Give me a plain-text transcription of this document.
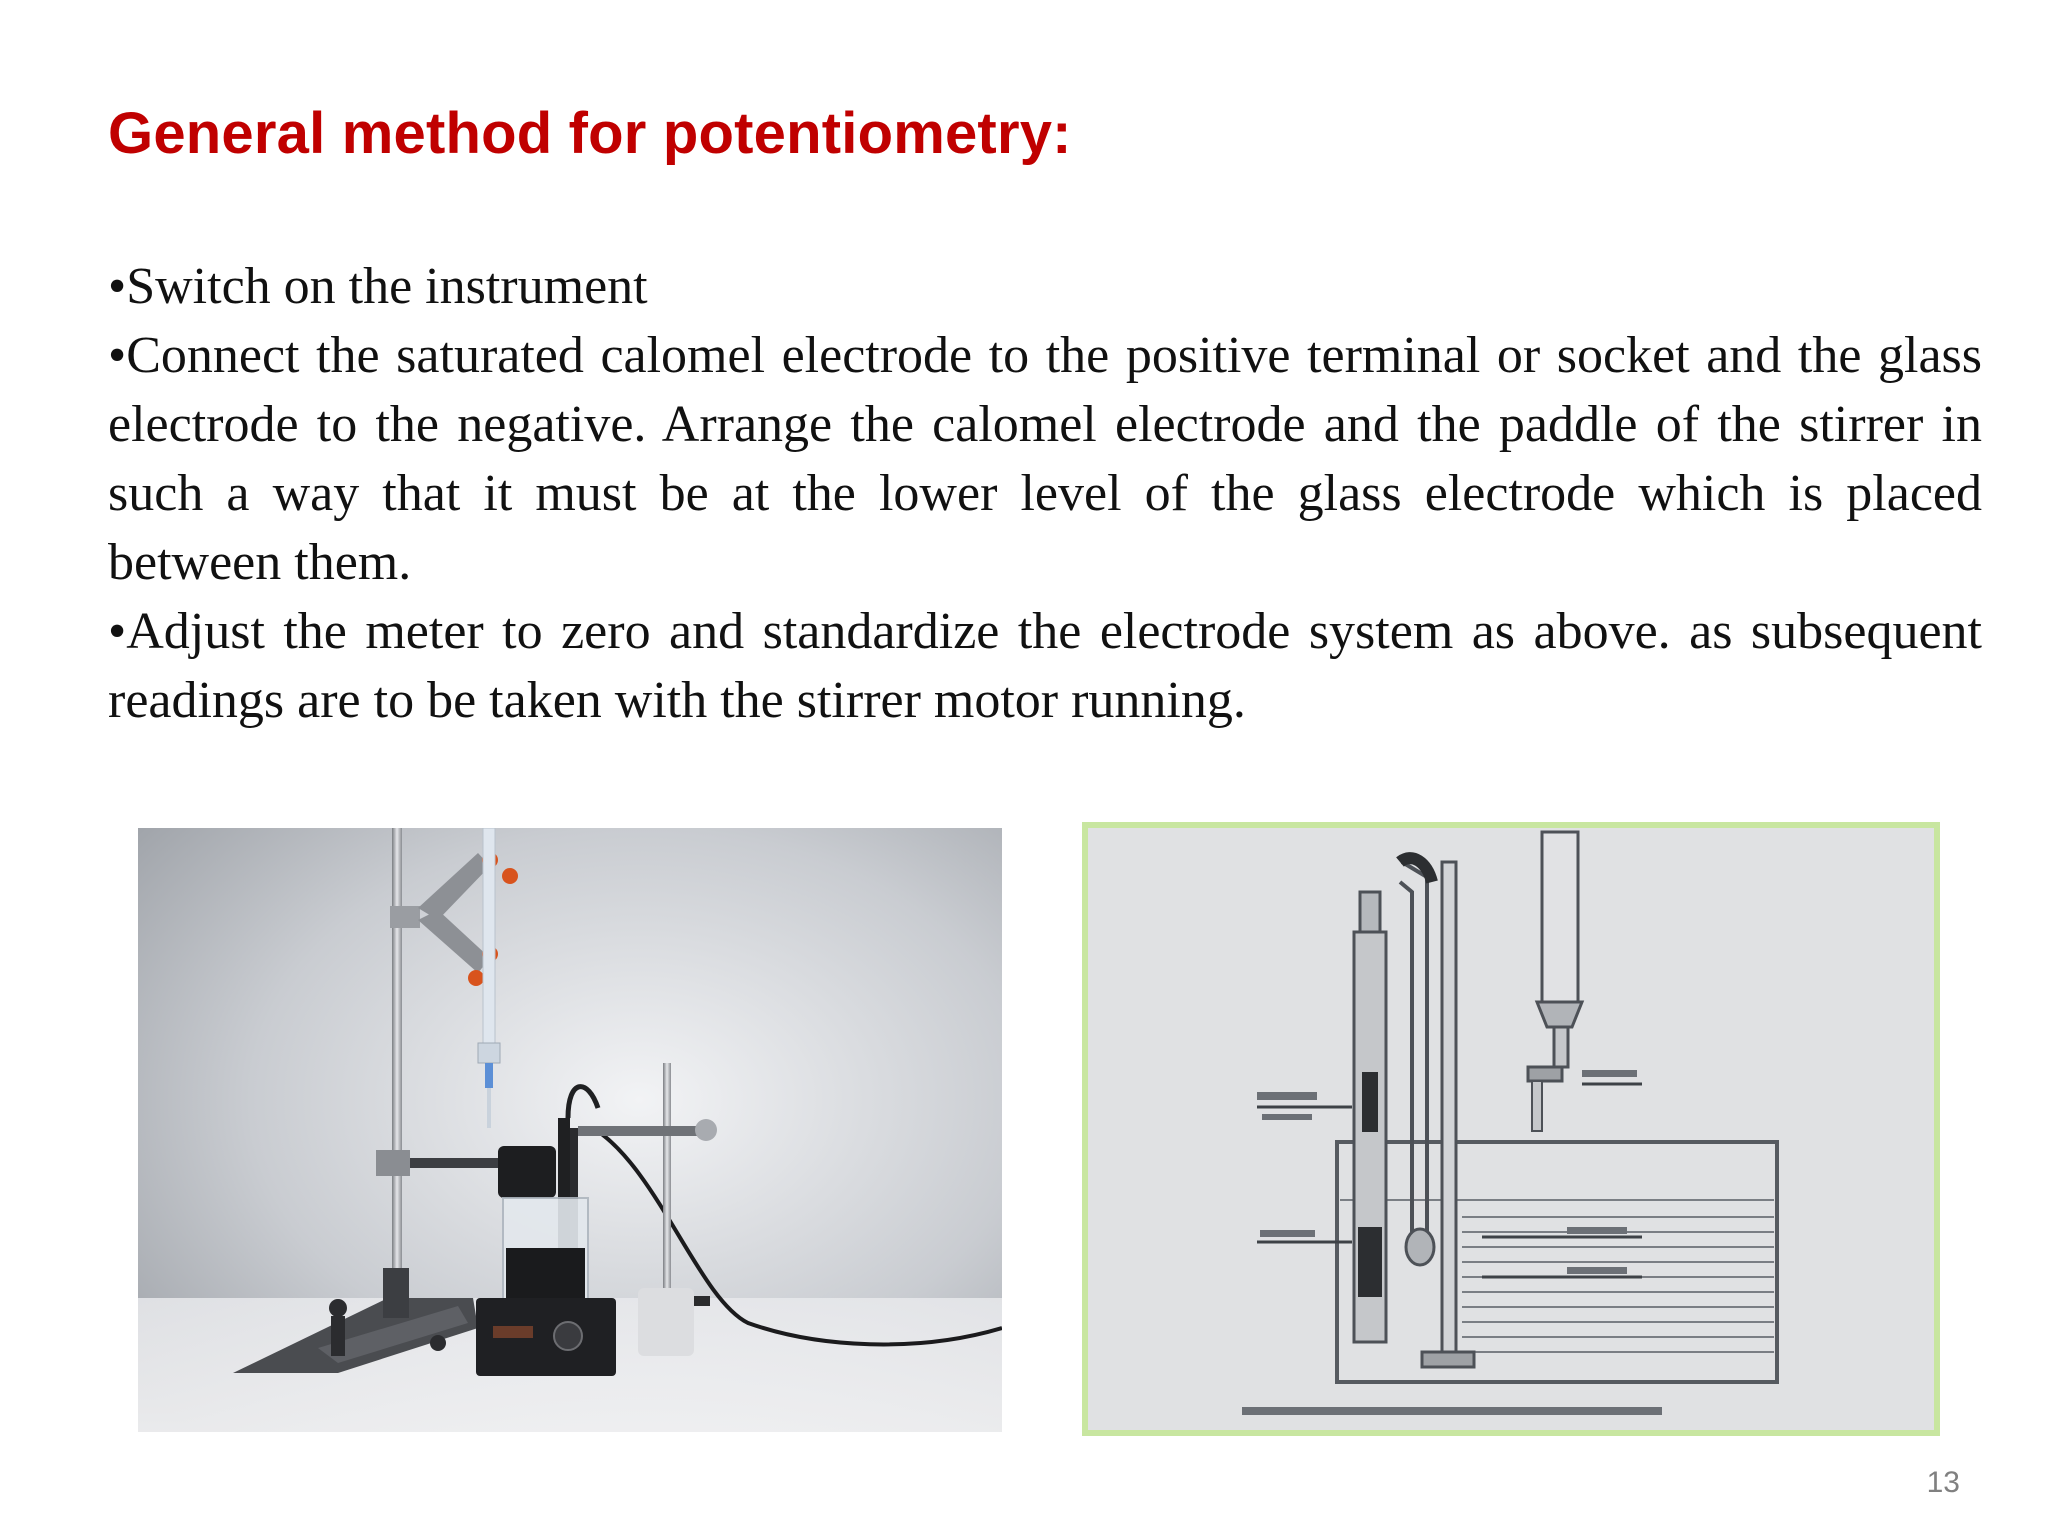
General method for potentiometry:

•Switch on the instrument

•Connect the saturated calomel electrode to the positive terminal or socket and the glass electrode to the negative. Arrange the calomel electrode and the paddle of the stirrer in such a way that it must be at the lower level of the glass electrode which is placed between them.

•Adjust the meter to zero and standardize the electrode system as above. as subsequent readings are to be taken with the stirrer motor running.

13
